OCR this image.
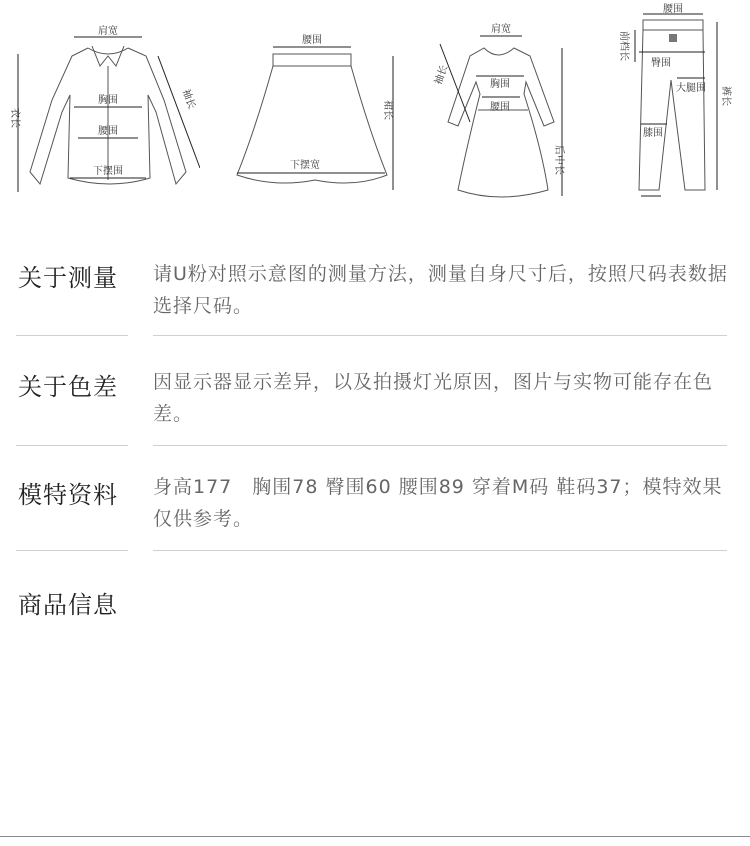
肩宽
胸围
腰围
下摆围
衣长
袖长
腰围
下摆宽
裙长
肩宽
袖长	胸围
腰围
后中长
腰围
前档长
臀围
大腿围
膝围
裤长
关于测量 请U粉对照示意图的测量方法，测量自身尺寸后，按照尺码表数据选择尺码。
关于色差 因显示器显示差异，以及拍摄灯光原因，图片与实物可能存在色差。
模特资料 身高177　胸围78 臀围60 腰围89 穿着M码 鞋码37；模特效果仅供参考。
商品信息
